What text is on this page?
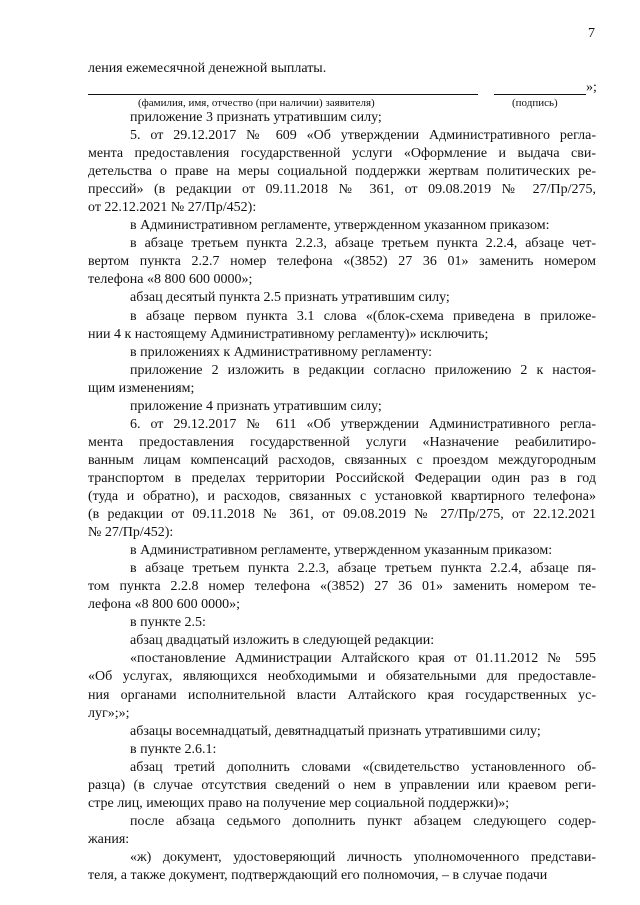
7
ления ежемесячной денежной выплаты.
»;
(фамилия, имя, отчество (при наличии) заявителя)	(подпись)

приложение 3 признать утратившим силу;

5. от 29.12.2017 № 609 «Об утверждении Административного регла-

мента предоставления государственной услуги «Оформление и выдача сви-

детельства о праве на меры социальной поддержки жертвам политических ре-

прессий» (в редакции от 09.11.2018 № 361, от 09.08.2019 № 27/Пр/275,

от 22.12.2021 № 27/Пр/452):

в Административном регламенте, утвержденном указанном приказом:

в абзаце третьем пункта 2.2.3, абзаце третьем пункта 2.2.4, абзаце чет-

вертом пункта 2.2.7 номер телефона «(3852) 27 36 01» заменить номером

телефона «8 800 600 0000»;

абзац десятый пункта 2.5 признать утратившим силу;

в абзаце первом пункта 3.1 слова «(блок-схема приведена в приложе-

нии 4 к настоящему Административному регламенту)» исключить;

в приложениях к Административному регламенту:

приложение 2 изложить в редакции согласно приложению 2 к настоя-

щим изменениям;

приложение 4 признать утратившим силу;

6. от 29.12.2017 № 611 «Об утверждении Административного регла-

мента предоставления государственной услуги «Назначение реабилитиро-

ванным лицам компенсаций расходов, связанных с проездом междугородным

транспортом в пределах территории Российской Федерации один раз в год

(туда и обратно), и расходов, связанных с установкой квартирного телефона»

(в редакции от 09.11.2018 № 361, от 09.08.2019 № 27/Пр/275, от 22.12.2021

№ 27/Пр/452):

в Административном регламенте, утвержденном указанным приказом:

в абзаце третьем пункта 2.2.3, абзаце третьем пункта 2.2.4, абзаце пя-

том пункта 2.2.8 номер телефона «(3852) 27 36 01» заменить номером те-

лефона «8 800 600 0000»;

в пункте 2.5:

абзац двадцатый изложить в следующей редакции:

«постановление Администрации Алтайского края от 01.11.2012 № 595

«Об услугах, являющихся необходимыми и обязательными для предоставле-

ния органами исполнительной власти Алтайского края государственных ус-

луг»;»;

абзацы восемнадцатый, девятнадцатый признать утратившими силу;

в пункте 2.6.1:

абзац третий дополнить словами «(свидетельство установленного об-

разца) (в случае отсутствия сведений о нем в управлении или краевом реги-

стре лиц, имеющих право на получение мер социальной поддержки)»;

после абзаца седьмого дополнить пункт абзацем следующего содер-

жания:

«ж) документ, удостоверяющий личность уполномоченного представи-

теля, а также документ, подтверждающий его полномочия, – в случае подачи
